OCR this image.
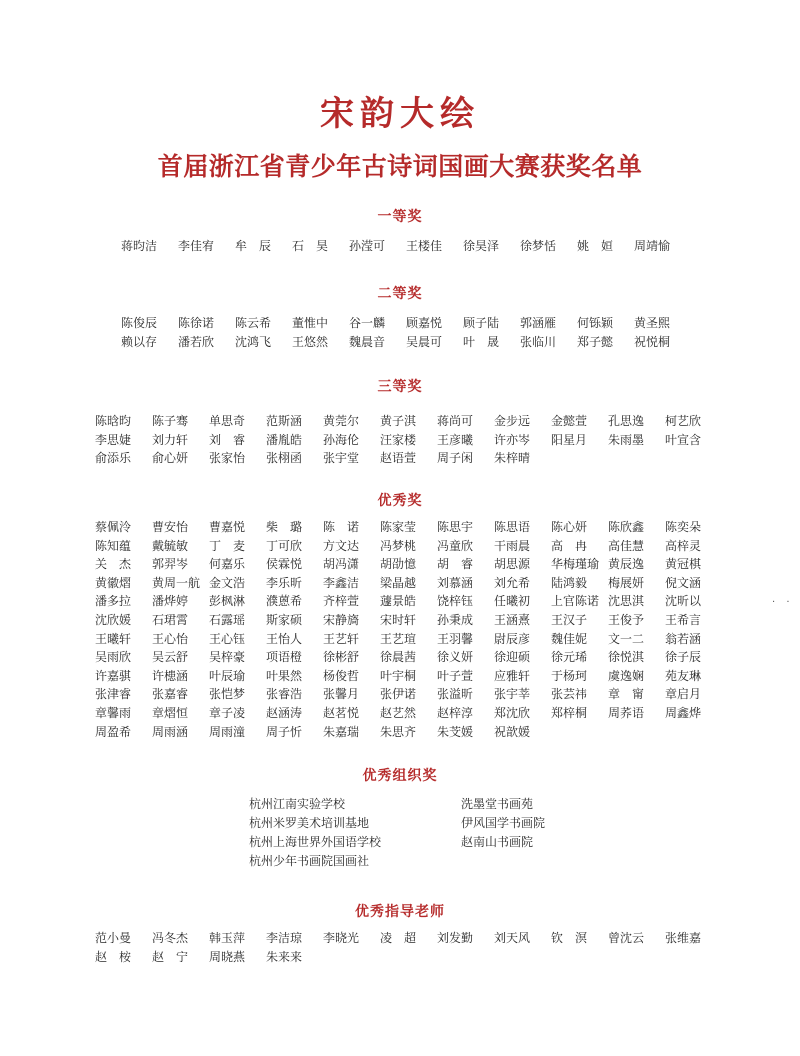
宋韵大绘
首届浙江省青少年古诗词国画大赛获奖名单
一等奖
蒋昀洁	李佳宥	牟　辰	石　昊	孙滢可	王楼佳	徐昊泽	徐梦恬	姚　姮	周靖愉
二等奖
陈俊辰	陈徐诺	陈云希	董惟中	谷一麟	顾嘉悦	顾子陆	郭涵雁	何铄颖	黄圣熙
赖以存	潘若欣	沈鸿飞	王悠然	魏晨音	吴晨可	叶　晟	张临川	郑子懿	祝悦桐
三等奖
陈晗昀	陈子骞	单思奇	范斯涵	黄莞尔	黄子淇	蒋尚可	金步远	金懿萱	孔思逸	柯艺欣
李思婕	刘力轩	刘　睿	潘胤皓	孙海伦	汪家楼	王彦曦	许亦岑	阳星月	朱雨墨	叶宣含
俞添乐	俞心妍	张家怡	张栩函	张宇堂	赵语萱	周子闲	朱梓晴
优秀奖
蔡佩泠	曹安怡	曹嘉悦	柴　璐	陈　诺	陈家莹	陈思宇	陈思语	陈心妍	陈欣鑫	陈奕朵
陈知蕴	戴毓敏	丁　麦	丁可欣	方文达	冯梦桃	冯童欣	干雨晨	高　冉	高佳慧	高梓灵
关　杰	郭羿岑	何嘉乐	侯霖悦	胡冯潇	胡劭憶	胡　睿	胡思源	华梅瑾瑜 黄辰逸	黄冠棋
黄徽熠	黄周一航 金文浩	李乐昕	李鑫洁	梁晶越	刘慕涵	刘允希	陆鸿毅	梅展妍	倪文涵
潘多拉	潘烨婷	彭枫淋	濮蒽希	齐梓萱	蘧景皓	饶梓钰	任曦初	上官陈诺 沈思淇	沈昕以
沈欣媛	石珺霄	石露瑶	斯家硕	宋静旖	宋时轩	孙秉成	王涵熹	王汉子	王俊予	王希言
王曦轩	王心怡	王心钰	王怡人	王艺轩	王艺瑄	王羽馨	尉辰彦	魏佳妮	文一二	翁若涵
吴雨欣	吴云舒	吴梓豪	项语橙	徐彬舒	徐晨茜	徐义妍	徐迎硕	徐元琋	徐悦淇	徐子辰
许嘉骐	许槵涵	叶辰瑜	叶果然	杨俊哲	叶宇桐	叶子萱	应雅轩	于杨珂	虞逸娴	苑友琳
张津睿	张嘉睿	张恺梦	张睿浩	张馨月	张伊诺	张溢昕	张宇莘	张芸祎	章　甯	章启月
章馨雨	章熠恒	章子凌	赵涵涛	赵茗悦	赵艺然	赵梓淳	郑沈欣	郑梓桐	周荞语	周鑫烨
周盈希	周雨涵	周雨潼	周子忻	朱嘉瑞	朱思齐	朱芠媛	祝歆媛
优秀组织奖
杭州江南实验学校
杭州米罗美术培训基地
杭州上海世界外国语学校
杭州少年书画院国画社
洗墨堂书画苑
伊风国学书画院
赵南山书画院
优秀指导老师
范小曼	冯冬杰	韩玉萍	李洁琼	李晓光	凌　超	刘发勤	刘天风	钦　溟	曾沈云	张维嘉
赵　桉	赵　宁	周晓燕	朱来来
· ·
